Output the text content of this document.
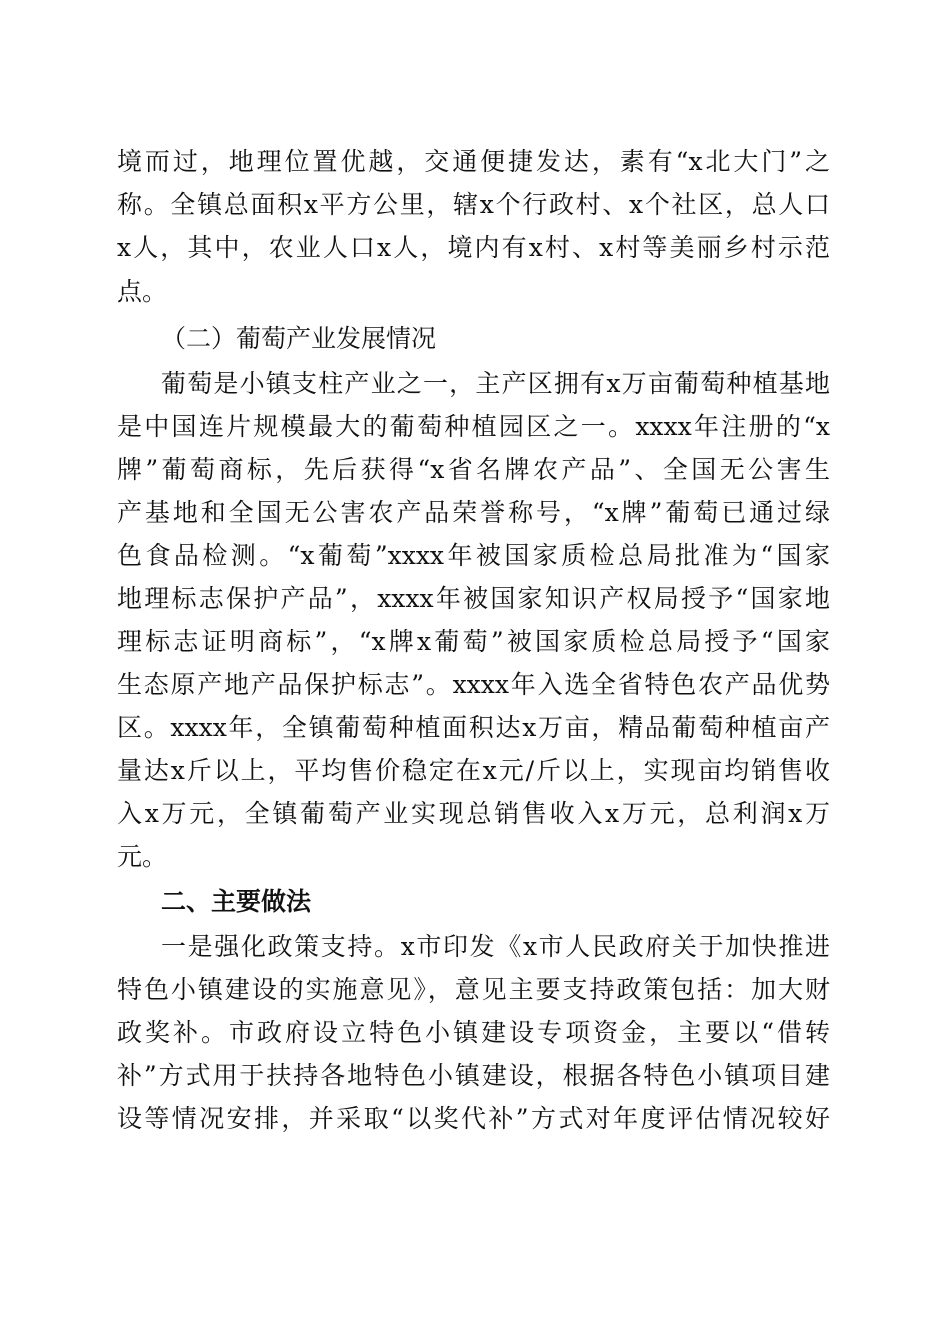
境而过，地理位置优越，交通便捷发达，素有“x北大门”之
称。全镇总面积x平方公里，辖x个行政村、x个社区，总人口
x人，其中，农业人口x人，境内有x村、x村等美丽乡村示范
点。
（二）葡萄产业发展情况
葡萄是小镇支柱产业之一，主产区拥有x万亩葡萄种植基地
是中国连片规模最大的葡萄种植园区之一。xxxx年注册的“x
牌”葡萄商标，先后获得“x省名牌农产品”、全国无公害生
产基地和全国无公害农产品荣誉称号，“x牌”葡萄已通过绿
色食品检测。“x葡萄”xxxx年被国家质检总局批准为“国家
地理标志保护产品”，xxxx年被国家知识产权局授予“国家地
理标志证明商标”，“x牌x葡萄”被国家质检总局授予“国家
生态原产地产品保护标志”。xxxx年入选全省特色农产品优势
区。xxxx年，全镇葡萄种植面积达x万亩，精品葡萄种植亩产
量达x斤以上，平均售价稳定在x元/斤以上，实现亩均销售收
入x万元，全镇葡萄产业实现总销售收入x万元，总利润x万
元。
二、主要做法
一是强化政策支持。x市印发《x市人民政府关于加快推进
特色小镇建设的实施意见》，意见主要支持政策包括：加大财
政奖补。市政府设立特色小镇建设专项资金，主要以“借转
补”方式用于扶持各地特色小镇建设，根据各特色小镇项目建
设等情况安排，并采取“以奖代补”方式对年度评估情况较好
